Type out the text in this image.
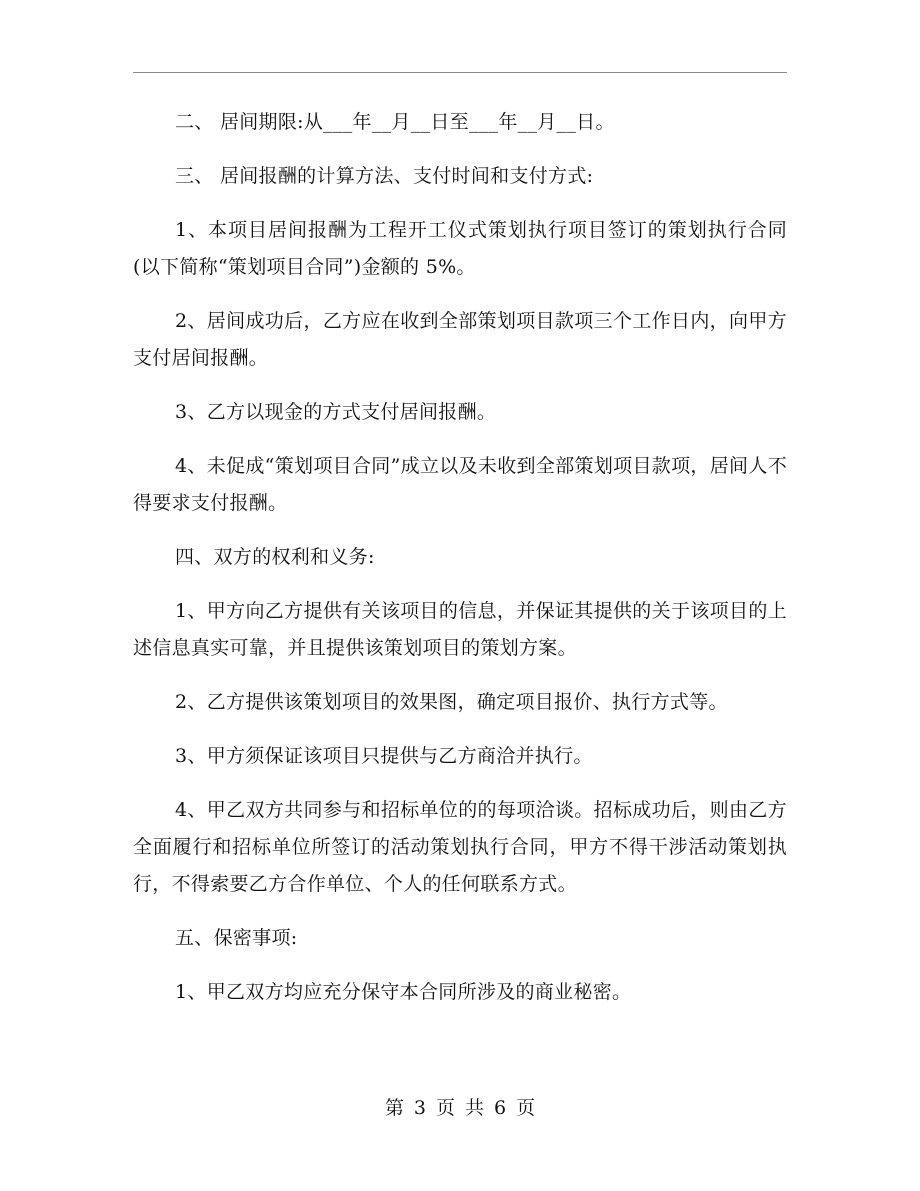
二、 居间期限:从___年__月__日至___年__月__日。

三、 居间报酬的计算方法、支付时间和支付方式:

1、本项目居间报酬为工程开工仪式策划执行项目签订的策划执行合同(以下简称“策划项目合同”)金额的 5%。

2、居间成功后，乙方应在收到全部策划项目款项三个工作日内，向甲方支付居间报酬。

3、乙方以现金的方式支付居间报酬。

4、未促成“策划项目合同”成立以及未收到全部策划项目款项，居间人不得要求支付报酬。

四、双方的权利和义务:

1、甲方向乙方提供有关该项目的信息，并保证其提供的关于该项目的上述信息真实可靠，并且提供该策划项目的策划方案。

2、乙方提供该策划项目的效果图，确定项目报价、执行方式等。

3、甲方须保证该项目只提供与乙方商洽并执行。

4、甲乙双方共同参与和招标单位的的每项洽谈。招标成功后，则由乙方全面履行和招标单位所签订的活动策划执行合同，甲方不得干涉活动策划执行，不得索要乙方合作单位、个人的任何联系方式。

五、保密事项:

1、甲乙双方均应充分保守本合同所涉及的商业秘密。

第 3 页 共 6 页
